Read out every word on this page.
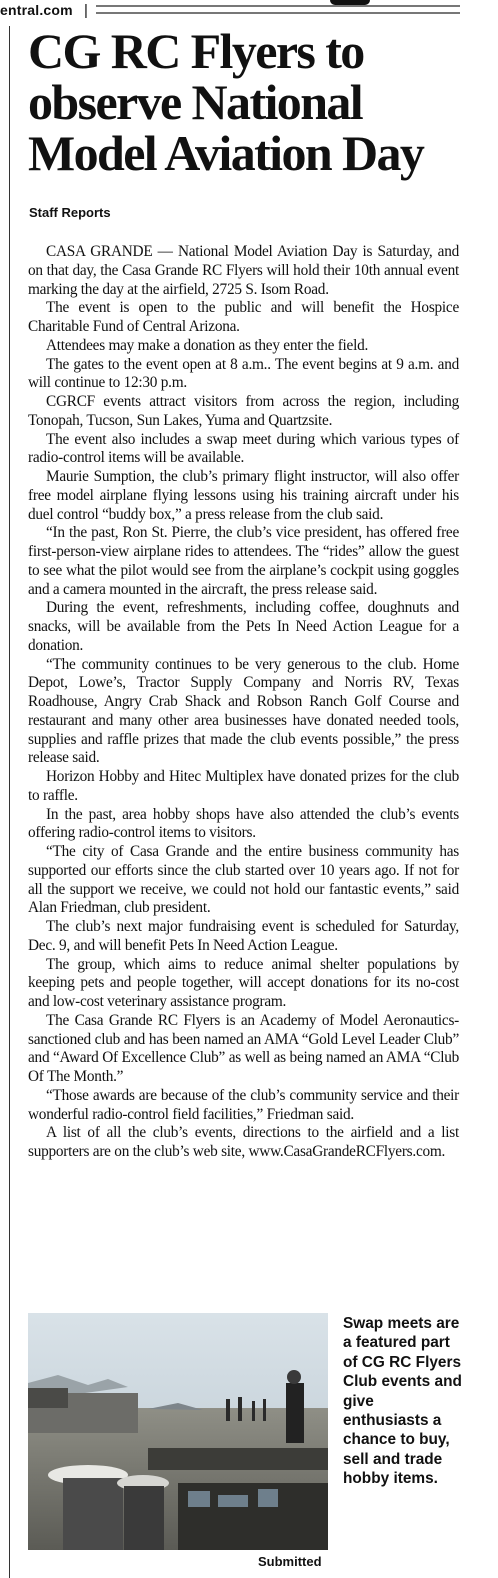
entral.com |
CG RC Flyers to observe National Model Aviation Day
Staff Reports

CASA GRANDE — National Model Aviation Day is Saturday, and on that day, the Casa Grande RC Flyers will hold their 10th annual event marking the day at the airfield, 2725 S. Isom Road.

The event is open to the public and will benefit the Hospice Charitable Fund of Central Arizona.

Attendees may make a donation as they enter the field.

The gates to the event open at 8 a.m.. The event begins at 9 a.m. and will continue to 12:30 p.m.

CGRCF events attract visitors from across the region, including Tonopah, Tucson, Sun Lakes, Yuma and Quartzsite.

The event also includes a swap meet during which various types of radio-control items will be available.

Maurie Sumption, the club’s primary flight instructor, will also offer free model airplane flying lessons using his training aircraft under his duel control “buddy box,” a press release from the club said.

“In the past, Ron St. Pierre, the club’s vice president, has offered free first-person-view airplane rides to attendees. The “rides” allow the guest to see what the pilot would see from the airplane’s cockpit using goggles and a camera mounted in the aircraft, the press release said.

During the event, refreshments, including coffee, doughnuts and snacks, will be available from the Pets In Need Action League for a donation.

“The community continues to be very generous to the club. Home Depot, Lowe’s, Tractor Supply Company and Norris RV, Texas Roadhouse, Angry Crab Shack and Robson Ranch Golf Course and restaurant and many other area businesses have donated needed tools, supplies and raffle prizes that made the club events possible,” the press release said.

Horizon Hobby and Hitec Multiplex have donated prizes for the club to raffle.

In the past, area hobby shops have also attended the club’s events offering radio-control items to visitors.

“The city of Casa Grande and the entire business community has supported our efforts since the club started over 10 years ago. If not for all the support we receive, we could not hold our fantastic events,” said Alan Friedman, club president.

The club’s next major fundraising event is scheduled for Saturday, Dec. 9, and will benefit Pets In Need Action League.

The group, which aims to reduce animal shelter populations by keeping pets and people together, will accept donations for its no-cost and low-cost veterinary assistance program.

The Casa Grande RC Flyers is an Academy of Model Aeronautics-sanctioned club and has been named an AMA “Gold Level Leader Club” and “Award Of Excellence Club” as well as being named an AMA “Club Of The Month.”

“Those awards are because of the club’s community service and their wonderful radio-control field facilities,” Friedman said.

A list of all the club’s events, directions to the airfield and a list supporters are on the club’s web site, www.CasaGrandeRCFlyers.com.

Swap meets are a featured part of CG RC Flyers Club events and give enthusiasts a chance to buy, sell and trade hobby items.
Submitted
